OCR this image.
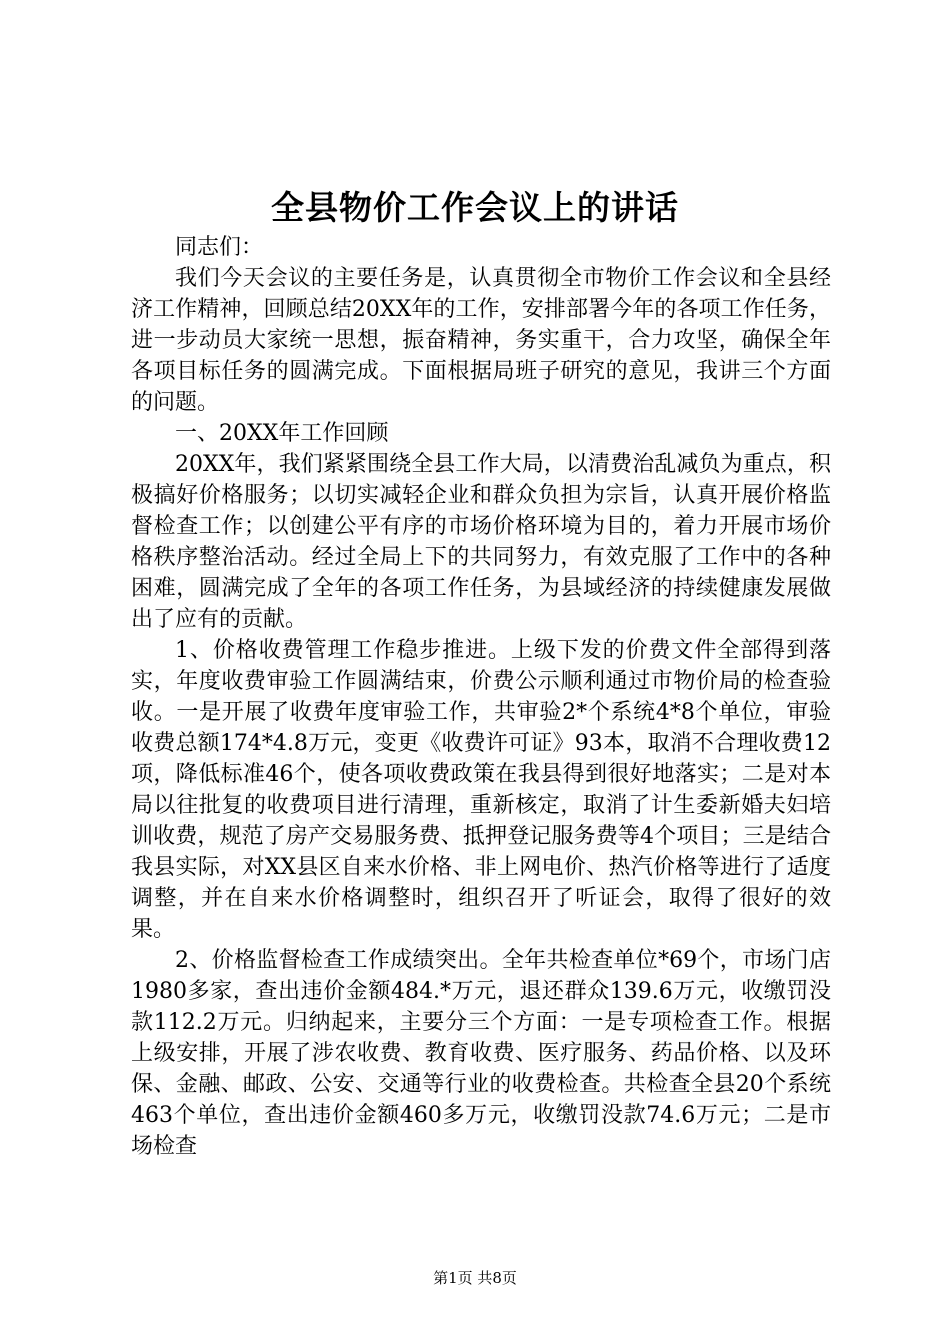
全县物价工作会议上的讲话

同志们：

我们今天会议的主要任务是，认真贯彻全市物价工作会议和全县经济工作精神，回顾总结20XX年的工作，安排部署今年的各项工作任务，进一步动员大家统一思想，振奋精神，务实重干，合力攻坚，确保全年各项目标任务的圆满完成。下面根据局班子研究的意见，我讲三个方面的问题。

一、20XX年工作回顾

20XX年，我们紧紧围绕全县工作大局，以清费治乱减负为重点，积极搞好价格服务；以切实减轻企业和群众负担为宗旨，认真开展价格监督检查工作；以创建公平有序的市场价格环境为目的，着力开展市场价格秩序整治活动。经过全局上下的共同努力，有效克服了工作中的各种困难，圆满完成了全年的各项工作任务，为县域经济的持续健康发展做出了应有的贡献。

1、价格收费管理工作稳步推进。上级下发的价费文件全部得到落实，年度收费审验工作圆满结束，价费公示顺利通过市物价局的检查验收。一是开展了收费年度审验工作，共审验2*个系统4*8个单位，审验收费总额174*4.8万元，变更《收费许可证》93本，取消不合理收费12项，降低标准46个，使各项收费政策在我县得到很好地落实；二是对本局以往批复的收费项目进行清理，重新核定，取消了计生委新婚夫妇培训收费，规范了房产交易服务费、抵押登记服务费等4个项目；三是结合我县实际，对XX县区自来水价格、非上网电价、热汽价格等进行了适度调整，并在自来水价格调整时，组织召开了听证会，取得了很好的效果。

2、价格监督检查工作成绩突出。全年共检查单位*69个，市场门店1980多家，查出违价金额484.*万元，退还群众139.6万元，收缴罚没款112.2万元。归纳起来，主要分三个方面：一是专项检查工作。根据上级安排，开展了涉农收费、教育收费、医疗服务、药品价格、以及环保、金融、邮政、公安、交通等行业的收费检查。共检查全县20个系统463个单位，查出违价金额460多万元，收缴罚没款74.6万元；二是市场检查

第1页 共8页
